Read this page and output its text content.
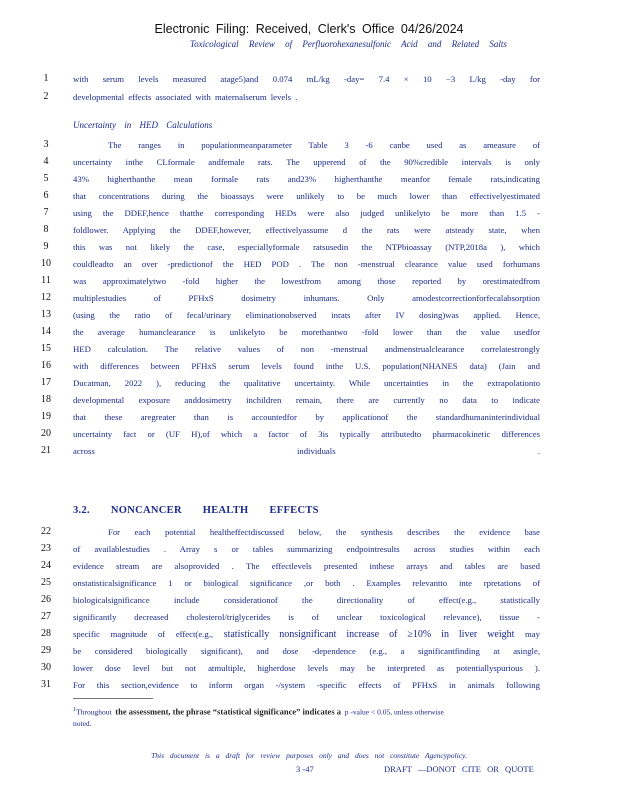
Electronic Filing: Received, Clerk's Office 04/26/2024
Toxicological Review of Perfluorohexanesulfonic Acid and Related Salts
1	with serum levels measured atage5)and 0.074 mL/kg -day= 7.4 × 10 −3 L/kg -day for
2	developmental effects associated with maternalserum levels .
Uncertainty in HED Calculations
3	The ranges in populationmeanparameter Table 3 -6 canbe used as ameasure of
4	uncertainty inthe CLformale andfemale rats. The upperend of the 90%credible intervals is only
5	43% higherthanthe mean formale rats and23% higherthanthe meanfor female rats,indicating
6	that concentrations during the bioassays were unlikely to be much lower than effectivelyestimated
7	using the DDEF,hence thatthe corresponding HEDs were also judged unlikelyto be more than 1.5 -
8	foldlower. Applying the DDEF,however, effectivelyassume d the rats were atsteady state, when
9	this was not likely the case, especiallyformale ratsusedin the NTPbioassay (NTP,2018a ), which
10	couldleadto an over -predictionof the HED POD . The non -menstrual clearance value used forhumans
11	was approximatelytwo -fold higher the lowestfrom among those reported by orestimatedfrom
12	multiplestudies of PFHxS dosimetry inhumans. Only amodestcorrectionforfecalabsorption
13	(using the ratio of fecal/urinary eliminationobserved inrats after IV dosing)was applied. Hence,
14	the average humanclearance is unlikelyto be morethantwo -fold lower than the value usedfor
15	HED calculation. The relative values of non -menstrual andmenstrualclearance correlatestrongly
16	with differences between PFHxS serum levels found inthe U.S. population(NHANES data) (Jain and
17	Ducatman, 2022 ), reducing the qualitative uncertainty. While uncertainties in the extrapolationto
18	developmental exposure anddosimetry inchildren remain, there are currently no data to indicate
19	that these aregreater than is accountedfor by applicationof the standardhumaninterindividual
20	uncertainty fact or (UF H),of which a factor of 3is typically attributedto pharmacokinetic differences
21	across individuals .
3.2. NONCANCER HEALTH EFFECTS
22	For each potential healtheffectdiscussed below, the synthesis describes the evidence base
23	of availablestudies . Array s or tables summarizing endpointresults across studies within each
24	evidence stream are alsoprovided . The effectlevels presented inthese arrays and tables are based
25	onstatisticalsignificance 1 or biological significance ,or both . Examples relevantto inte rpretations of
26	biologicalsignificance include considerationof the directionality of effect(e.g., statistically
27	significantly decreased cholesterol/triglycerides is of unclear toxicological relevance), tissue -
28	specific magnitude of effect(e.g., statistically nonsignificant increase of ≥10% in liver weight may
29	be considered biologically significant), and dose -dependence (e.g., a significantfinding at asingle,
30	lower dose level but not atmultiple, higherdose levels may be interpreted as potentiallyspurious ).
31	For this section,evidence to inform organ -/system -specific effects of PFHxS in animals following
$^1$Throughout the assessment, the phrase “statistical significance” indicates a p -value < 0.05, unless otherwise
noted.
This document is a draft for review purposes only and does not constitute Agencypolicy.
3 -47	DRAFT —DONOT CITE OR QUOTE
